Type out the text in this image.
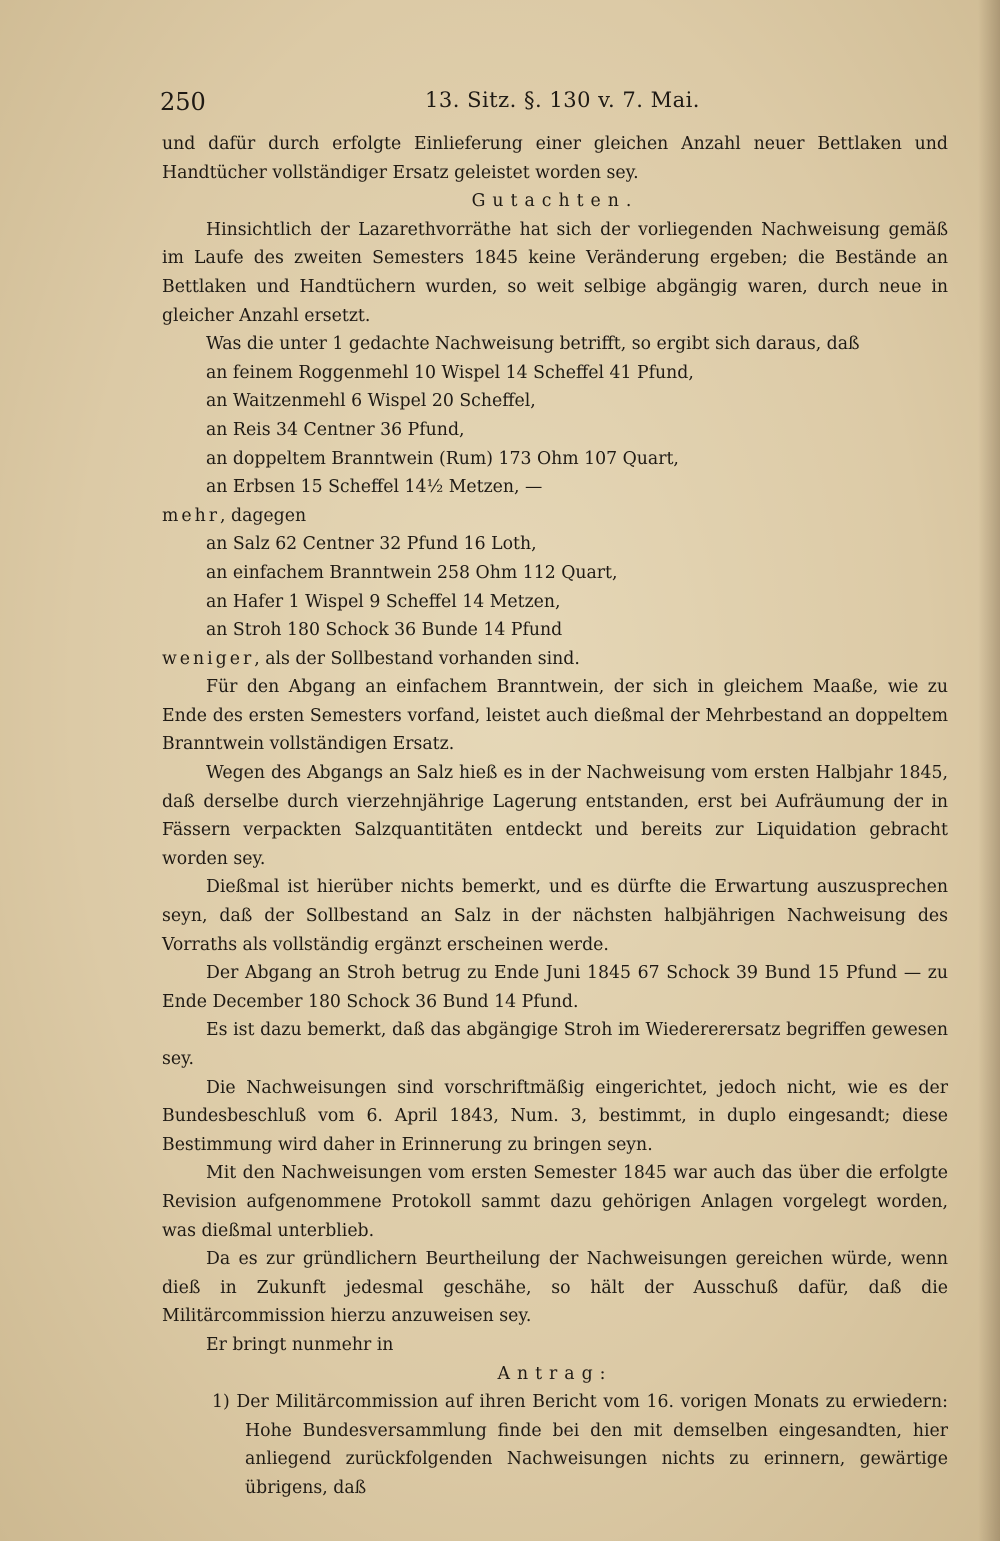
250	13. Sitz. §. 130 v. 7. Mai.

und dafür durch erfolgte Einlieferung einer gleichen Anzahl neuer Bettlaken und Handtücher vollständiger Ersatz geleistet worden sey.

Gutachten.

Hinsichtlich der Lazarethvorräthe hat sich der vorliegenden Nachweisung gemäß im Laufe des zweiten Semesters 1845 keine Veränderung ergeben; die Bestände an Bettlaken und Handtüchern wurden, so weit selbige abgängig waren, durch neue in gleicher Anzahl ersetzt.

Was die unter 1 gedachte Nachweisung betrifft, so ergibt sich daraus, daß

an feinem Roggenmehl 10 Wispel 14 Scheffel 41 Pfund,

an Waitzenmehl 6 Wispel 20 Scheffel,

an Reis 34 Centner 36 Pfund,

an doppeltem Branntwein (Rum) 173 Ohm 107 Quart,

an Erbsen 15 Scheffel 14½ Metzen, —

mehr, dagegen

an Salz 62 Centner 32 Pfund 16 Loth,

an einfachem Branntwein 258 Ohm 112 Quart,

an Hafer 1 Wispel 9 Scheffel 14 Metzen,

an Stroh 180 Schock 36 Bunde 14 Pfund

weniger, als der Sollbestand vorhanden sind.

Für den Abgang an einfachem Branntwein, der sich in gleichem Maaße, wie zu Ende des ersten Semesters vorfand, leistet auch dießmal der Mehrbestand an doppeltem Branntwein vollständigen Ersatz.

Wegen des Abgangs an Salz hieß es in der Nachweisung vom ersten Halbjahr 1845, daß derselbe durch vierzehnjährige Lagerung entstanden, erst bei Aufräumung der in Fässern verpackten Salzquantitäten entdeckt und bereits zur Liquidation gebracht worden sey.

Dießmal ist hierüber nichts bemerkt, und es dürfte die Erwartung auszusprechen seyn, daß der Sollbestand an Salz in der nächsten halbjährigen Nachweisung des Vorraths als vollständig ergänzt erscheinen werde.

Der Abgang an Stroh betrug zu Ende Juni 1845 67 Schock 39 Bund 15 Pfund — zu Ende December 180 Schock 36 Bund 14 Pfund.

Es ist dazu bemerkt, daß das abgängige Stroh im Wiedererersatz begriffen gewesen sey.

Die Nachweisungen sind vorschriftmäßig eingerichtet, jedoch nicht, wie es der Bundesbeschluß vom 6. April 1843, Num. 3, bestimmt, in duplo eingesandt; diese Bestimmung wird daher in Erinnerung zu bringen seyn.

Mit den Nachweisungen vom ersten Semester 1845 war auch das über die erfolgte Revision aufgenommene Protokoll sammt dazu gehörigen Anlagen vorgelegt worden, was dießmal unterblieb.

Da es zur gründlichern Beurtheilung der Nachweisungen gereichen würde, wenn dieß in Zukunft jedesmal geschähe, so hält der Ausschuß dafür, daß die Militärcommission hierzu anzuweisen sey.

Er bringt nunmehr in

Antrag:

1) Der Militärcommission auf ihren Bericht vom 16. vorigen Monats zu erwiedern: Hohe Bundesversammlung finde bei den mit demselben eingesandten, hier anliegend zurückfolgenden Nachweisungen nichts zu erinnern, gewärtige übrigens, daß
